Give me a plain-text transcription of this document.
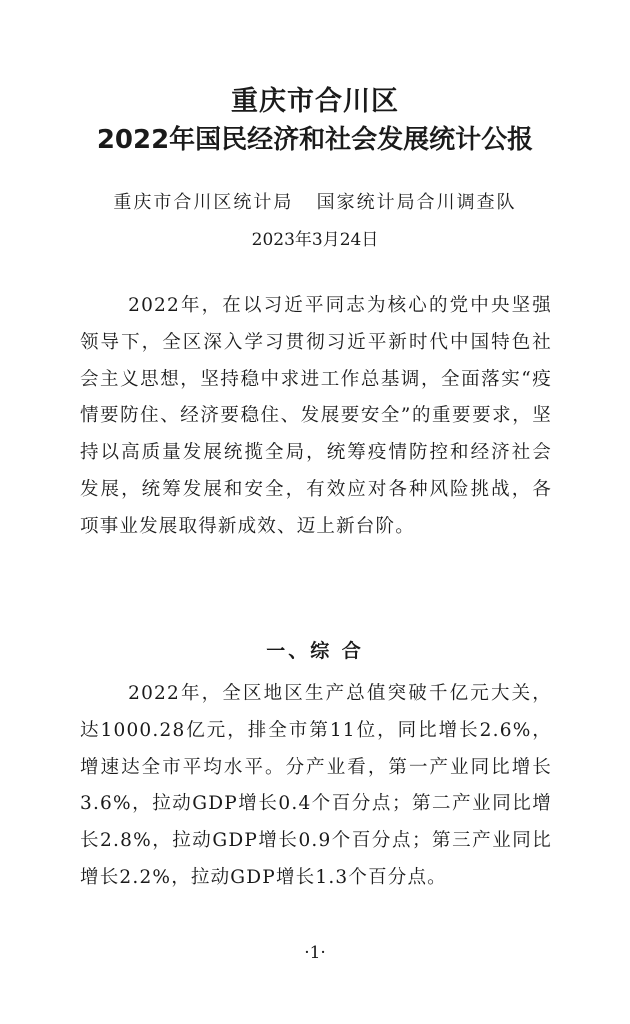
重庆市合川区
2022年国民经济和社会发展统计公报
重庆市合川区统计局   国家统计局合川调查队
2023年3月24日

2022年，在以习近平同志为核心的党中央坚强领导下，全区深入学习贯彻习近平新时代中国特色社会主义思想，坚持稳中求进工作总基调，全面落实“疫情要防住、经济要稳住、发展要安全”的重要要求，坚持以高质量发展统揽全局，统筹疫情防控和经济社会发展，统筹发展和安全，有效应对各种风险挑战，各项事业发展取得新成效、迈上新台阶。

一、综 合

2022年，全区地区生产总值突破千亿元大关，达1000.28亿元，排全市第11位，同比增长2.6%，增速达全市平均水平。分产业看，第一产业同比增长3.6%，拉动GDP增长0.4个百分点；第二产业同比增长2.8%，拉动GDP增长0.9个百分点；第三产业同比增长2.2%，拉动GDP增长1.3个百分点。

·1·
